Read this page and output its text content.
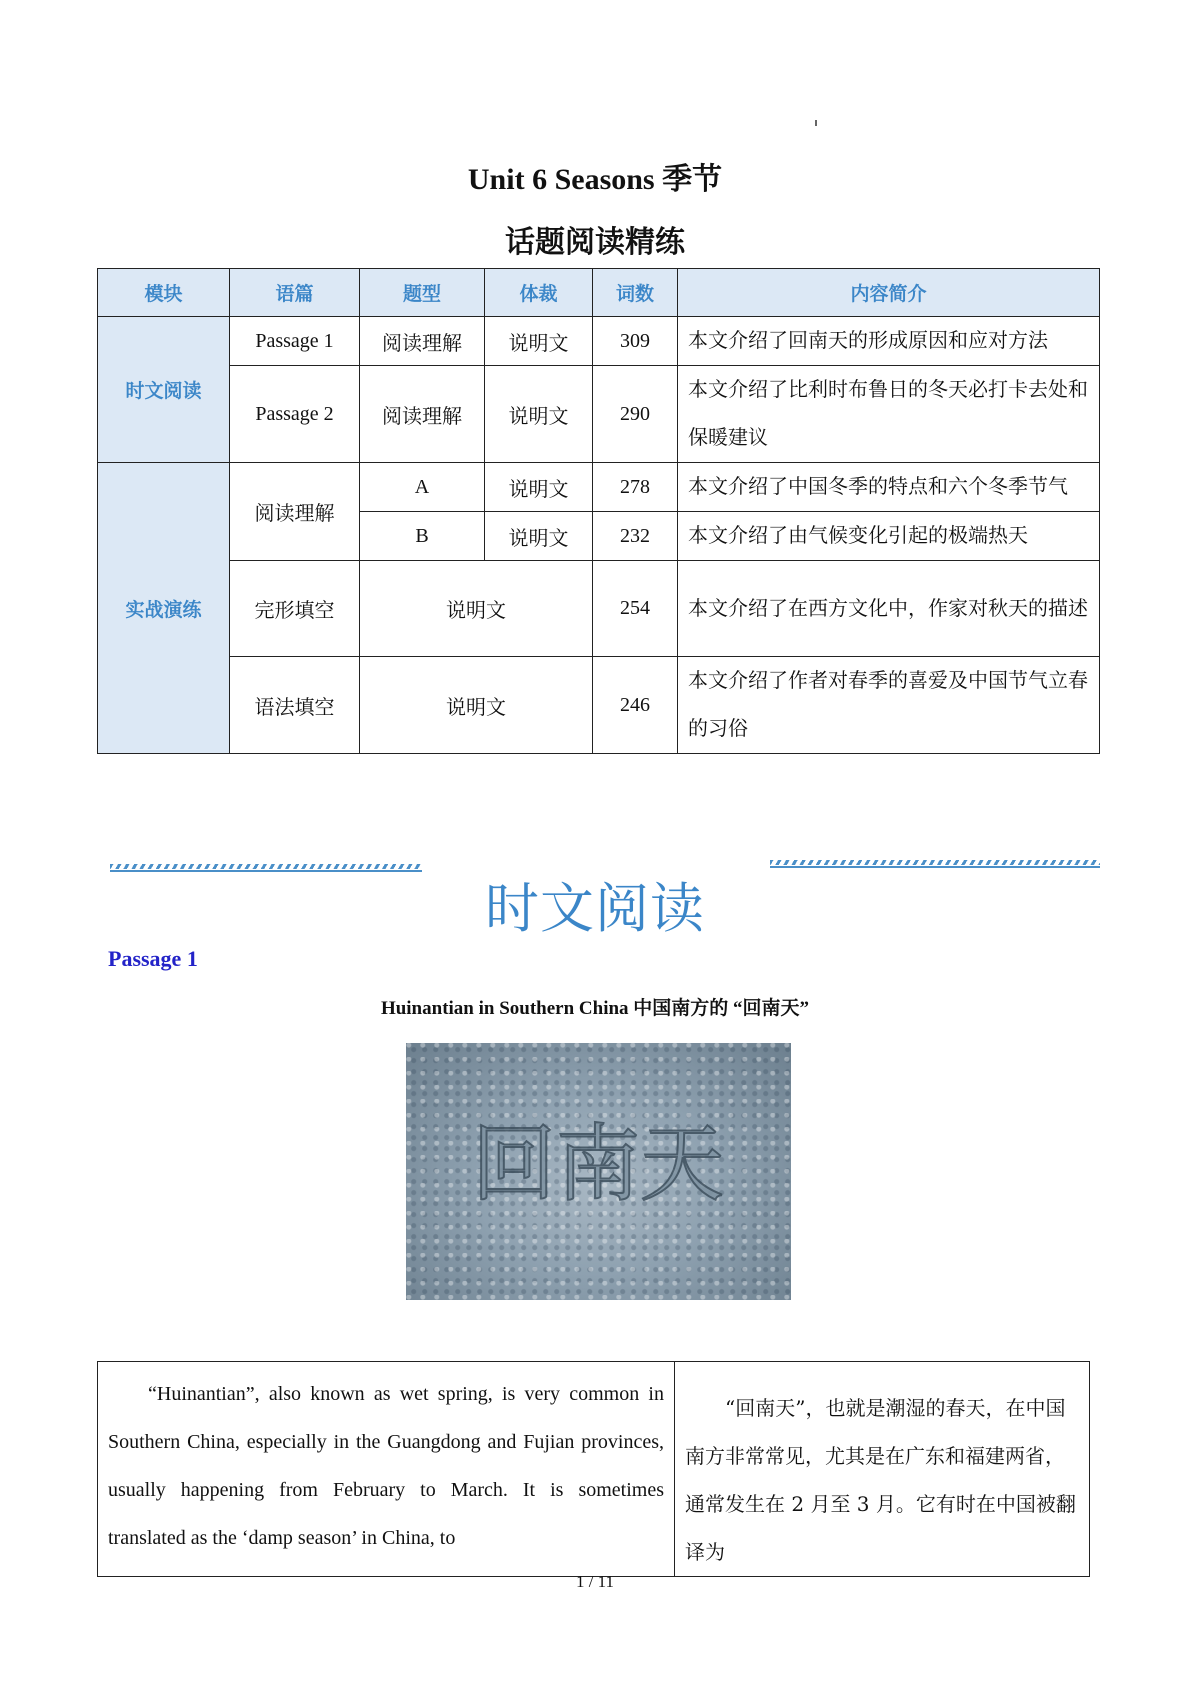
Unit 6 Seasons 季节
话题阅读精练
模块	语篇	题型	体裁	词数	内容简介
时文阅读	Passage 1	阅读理解	说明文	309	本文介绍了回南天的形成原因和应对方法
	Passage 2	阅读理解	说明文	290	本文介绍了比利时布鲁日的冬天必打卡去处和保暖建议
实战演练	阅读理解	A	说明文	278	本文介绍了中国冬季的特点和六个冬季节气
		B	说明文	232	本文介绍了由气候变化引起的极端热天
	完形填空	说明文		254	本文介绍了在西方文化中，作家对秋天的描述
	语法填空	说明文		246	本文介绍了作者对春季的喜爱及中国节气立春的习俗
时文阅读
Passage 1
Huinantian in Southern China 中国南方的 “回南天”
回南天
“Huinantian”, also known as wet spring, is very common in Southern China, especially in the Guangdong and Fujian provinces, usually happening from February to March. It is sometimes translated as the ‘damp season’ in China, to	“回南天”，也就是潮湿的春天，在中国南方非常常见，尤其是在广东和福建两省，通常发生在 2 月至 3 月。它有时在中国被翻译为
1 / 11
